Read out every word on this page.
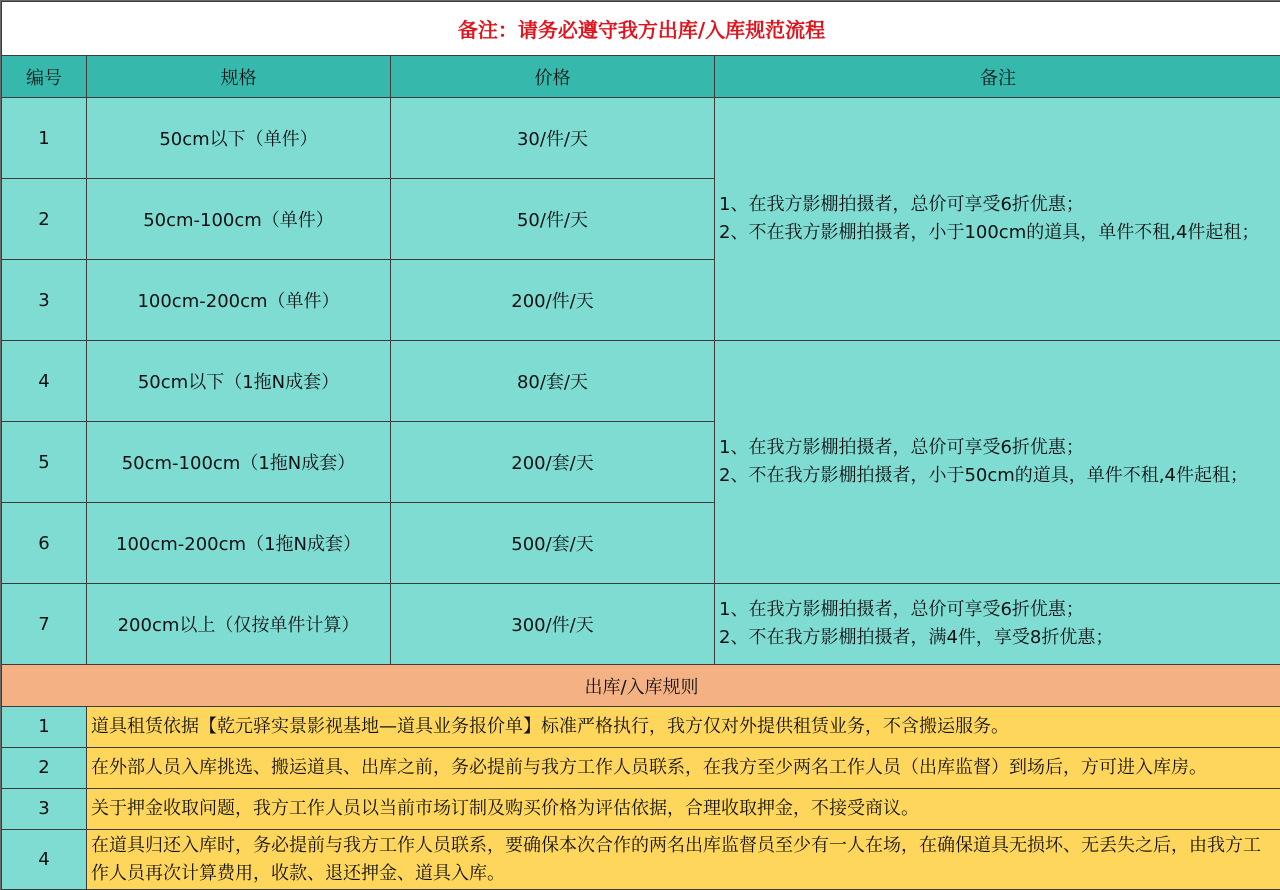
备注：请务必遵守我方出库/入库规范流程			
编号	规格	价格	备注
1	50cm以下（单件）	30/件/天	1、在我方影棚拍摄者，总价可享受6折优惠；
2、不在我方影棚拍摄者，小于100cm的道具，单件不租,4件起租；

2	50cm-100cm（单件）	50/件/天	
3	100cm-200cm（单件）	200/件/天	
4	50cm以下（1拖N成套）	80/套/天	1、在我方影棚拍摄者，总价可享受6折优惠；
2、不在我方影棚拍摄者，小于50cm的道具，单件不租,4件起租；

5	50cm-100cm（1拖N成套）	200/套/天	
6	100cm-200cm（1拖N成套）	500/套/天	
7	200cm以上（仅按单件计算）	300/件/天	1、在我方影棚拍摄者，总价可享受6折优惠；
2、不在我方影棚拍摄者，满4件，享受8折优惠；

出库/入库规则			
1	道具租赁依据【乾元驿实景影视基地—道具业务报价单】标准严格执行，我方仅对外提供租赁业务，不含搬运服务。		
2	在外部人员入库挑选、搬运道具、出库之前，务必提前与我方工作人员联系，在我方至少两名工作人员（出库监督）到场后，方可进入库房。		
3	关于押金收取问题，我方工作人员以当前市场订制及购买价格为评估依据，合理收取押金，不接受商议。		
4	在道具归还入库时，务必提前与我方工作人员联系，要确保本次合作的两名出库监督员至少有一人在场，在确保道具无损坏、无丢失之后，由我方工作人员再次计算费用，收款、退还押金、道具入库。		
